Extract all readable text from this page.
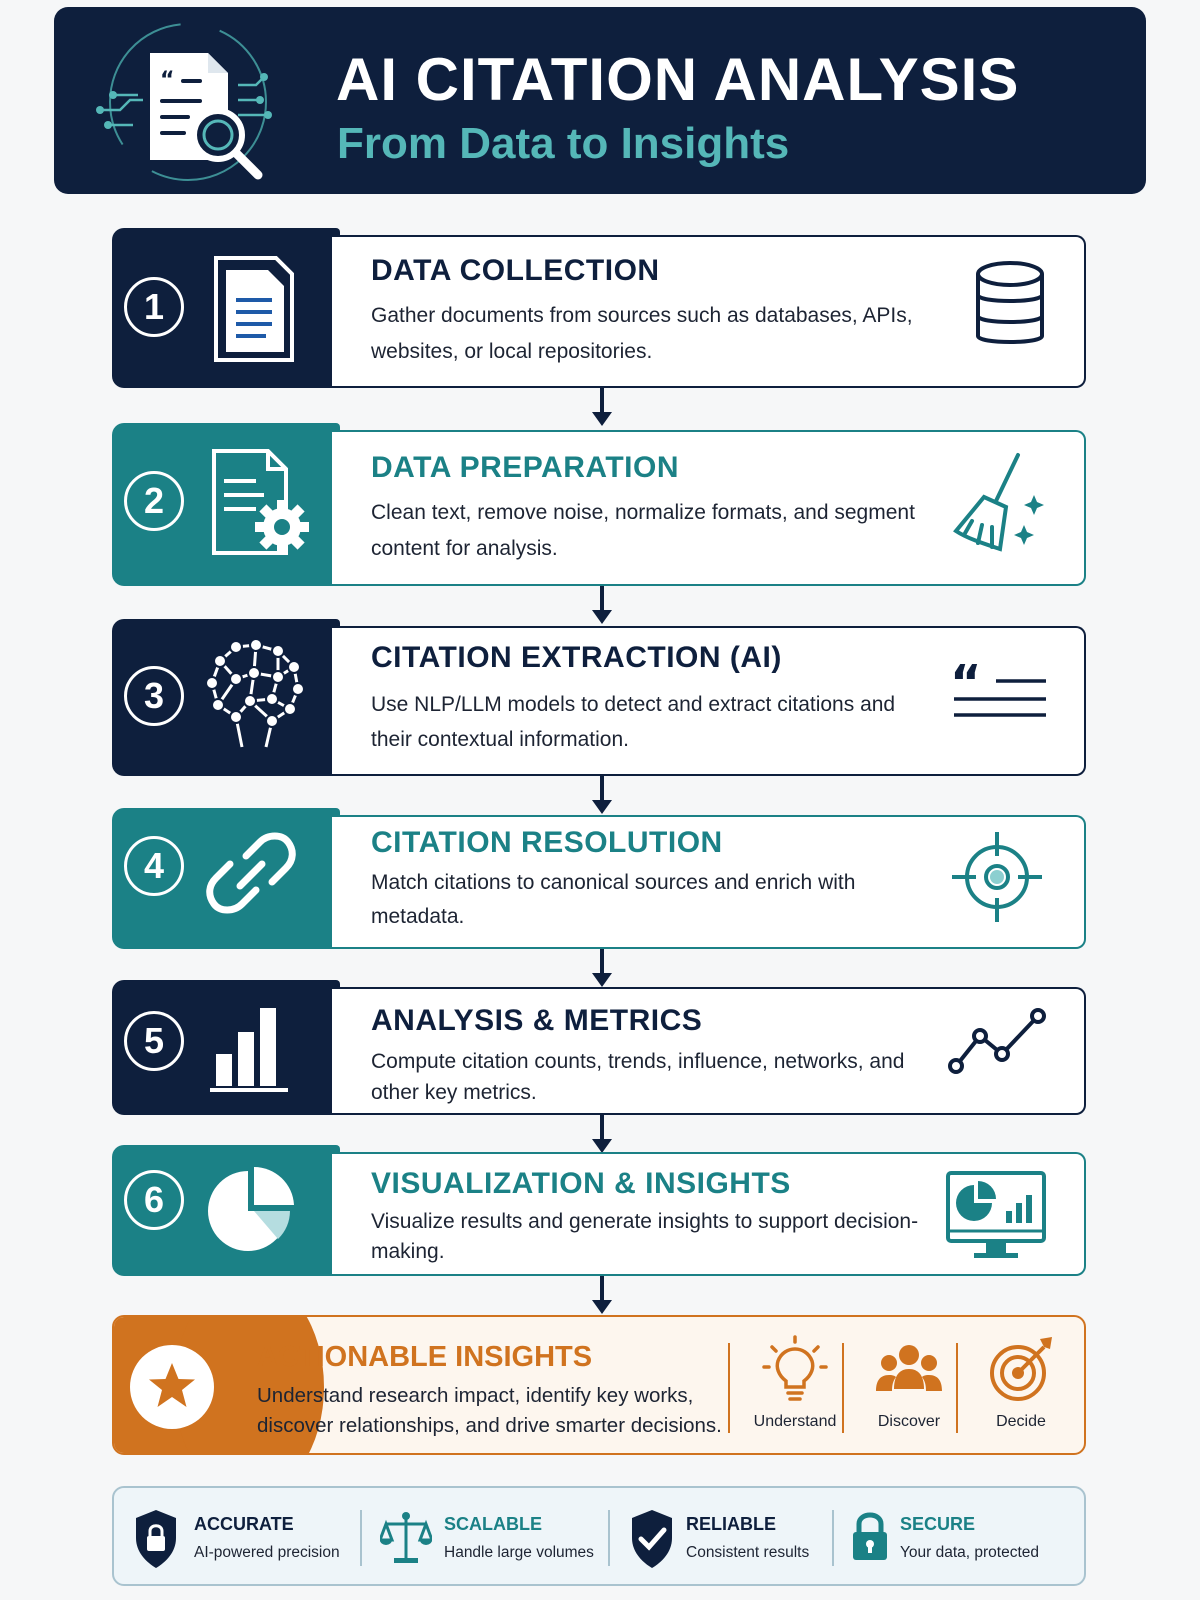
“	AI CITATION ANALYSIS
From Data to Insights
1
DATA COLLECTION
Gather documents from sources such as databases, APIs, websites, or local repositories.
2
DATA PREPARATION
Clean text, remove noise, normalize formats, and segment content for analysis.
3
CITATION EXTRACTION (AI)
Use NLP/LLM models to detect and extract citations and their contextual information.
“
4
CITATION RESOLUTION
Match citations to canonical sources and enrich with metadata.
5	ANALYSIS & METRICS
Compute citation counts, trends, influence, networks, and other key metrics.
6	VISUALIZATION & INSIGHTS
Visualize results and generate insights to support decision-making.
ACTIONABLE INSIGHTS
Understand research impact, identify key works, discover relationships, and drive smarter decisions.	Understand	Discover	Decide
ACCURATE
AI-powered precision
SCALABLE
Handle large volumes
RELIABLE
Consistent results
SECURE
Your data, protected
